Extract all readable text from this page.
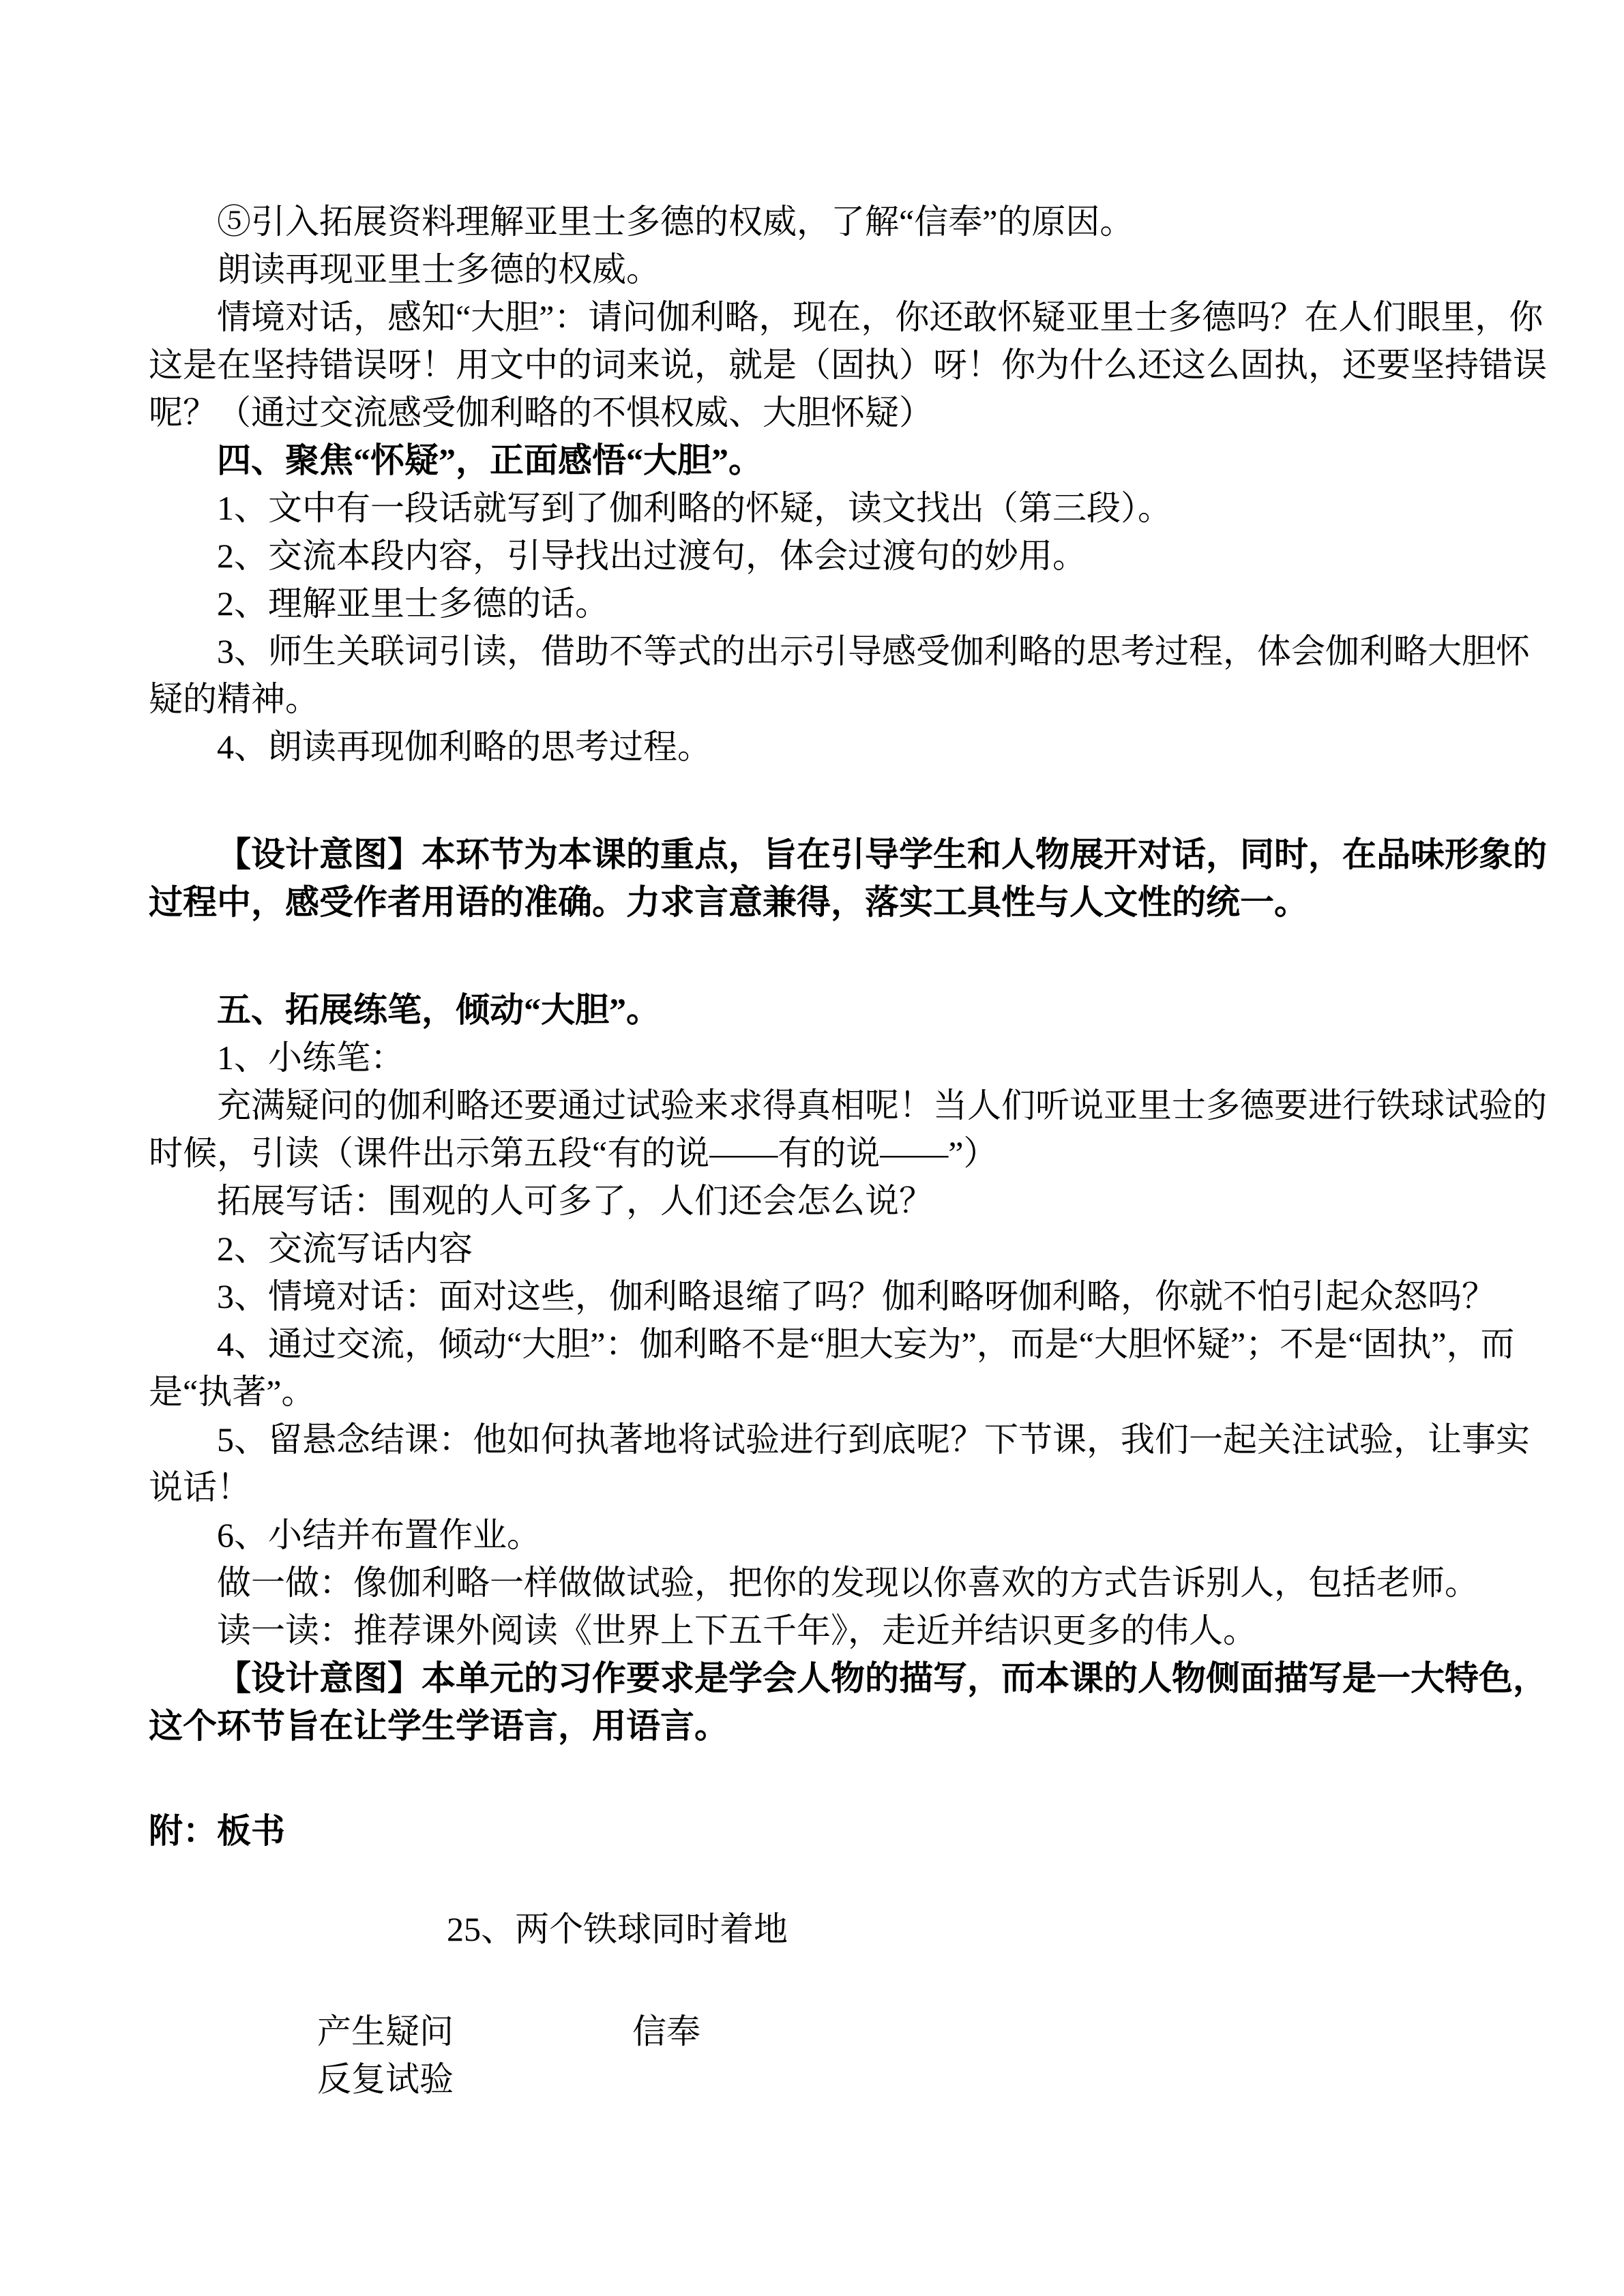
⑤引入拓展资料理解亚里士多德的权威，了解“信奉”的原因。

朗读再现亚里士多德的权威。

情境对话，感知“大胆”：请问伽利略，现在，你还敢怀疑亚里士多德吗？在人们眼里，你这是在坚持错误呀！用文中的词来说，就是（固执）呀！你为什么还这么固执，还要坚持错误呢？（通过交流感受伽利略的不惧权威、大胆怀疑）

四、聚焦“怀疑”，正面感悟“大胆”。

1、文中有一段话就写到了伽利略的怀疑，读文找出（第三段）。

2、交流本段内容，引导找出过渡句，体会过渡句的妙用。

2、理解亚里士多德的话。

3、师生关联词引读，借助不等式的出示引导感受伽利略的思考过程，体会伽利略大胆怀疑的精神。

4、朗读再现伽利略的思考过程。

【设计意图】本环节为本课的重点，旨在引导学生和人物展开对话，同时，在品味形象的过程中，感受作者用语的准确。力求言意兼得，落实工具性与人文性的统一。

五、拓展练笔，倾动“大胆”。

1、小练笔：

充满疑问的伽利略还要通过试验来求得真相呢！当人们听说亚里士多德要进行铁球试验的时候，引读（课件出示第五段“有的说——有的说——”）

拓展写话：围观的人可多了，人们还会怎么说？

2、交流写话内容

3、情境对话：面对这些，伽利略退缩了吗？伽利略呀伽利略，你就不怕引起众怒吗？

4、通过交流，倾动“大胆”：伽利略不是“胆大妄为”，而是“大胆怀疑”；不是“固执”，而是“执著”。

5、留悬念结课：他如何执著地将试验进行到底呢？下节课，我们一起关注试验，让事实说话！

6、小结并布置作业。

做一做：像伽利略一样做做试验，把你的发现以你喜欢的方式告诉别人，包括老师。

读一读：推荐课外阅读《世界上下五千年》，走近并结识更多的伟人。

【设计意图】本单元的习作要求是学会人物的描写，而本课的人物侧面描写是一大特色，这个环节旨在让学生学语言，用语言。

附：板书

25、两个铁球同时着地

产生疑问	信奉

反复试验
